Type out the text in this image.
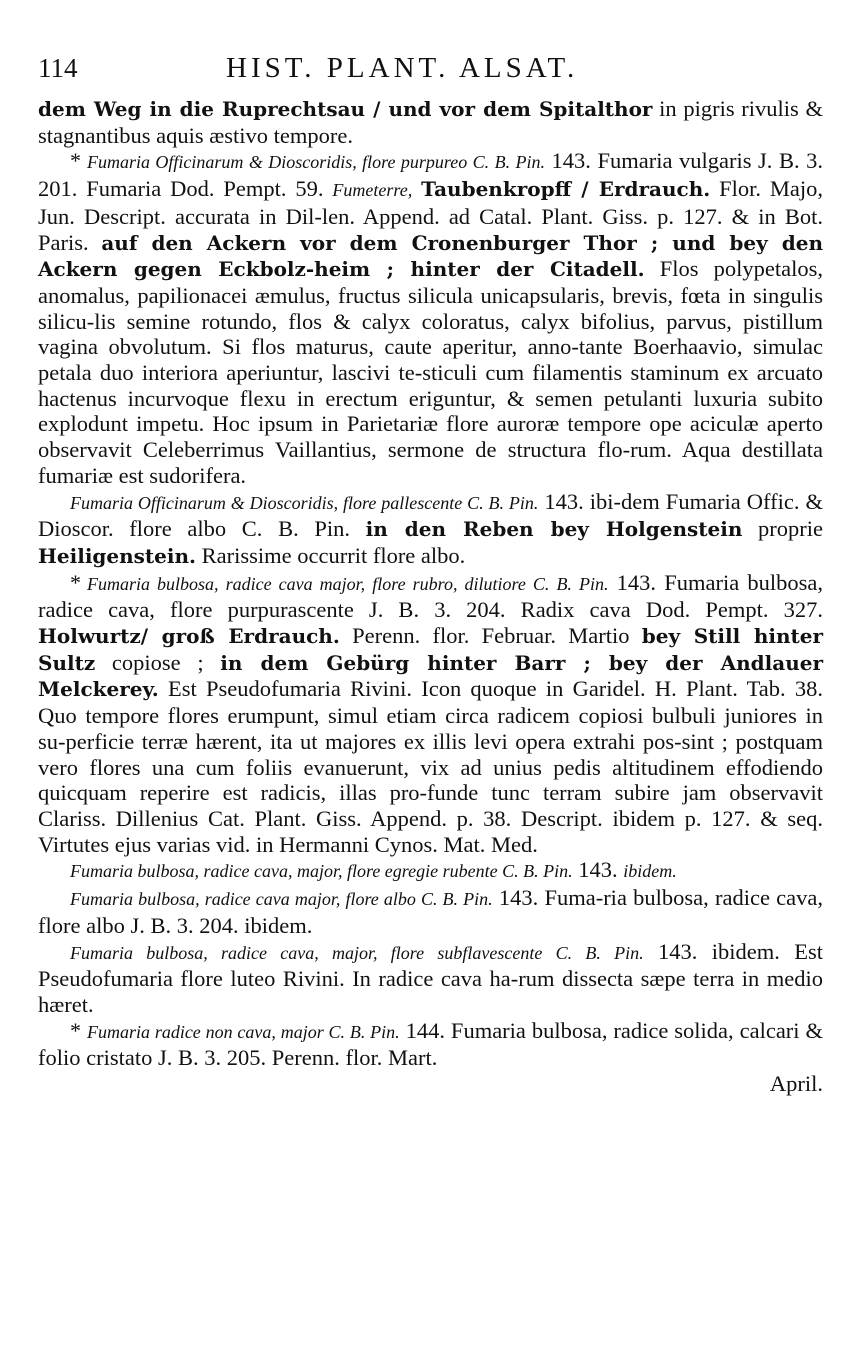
114	HIST. PLANT. ALSAT.

dem Weg in die Ruprechtsau / und vor dem Spitalthor in pigris rivulis & stagnantibus aquis æstivo tempore.

* Fumaria Officinarum & Dioscoridis, flore purpureo C. B. Pin. 143. Fumaria vulgaris J. B. 3. 201. Fumaria Dod. Pempt. 59. Fumeterre, Taubenkropff / Erdrauch. Flor. Majo, Jun. Descript. accurata in Dil-len. Append. ad Catal. Plant. Giss. p. 127. & in Bot. Paris. auf den Ackern vor dem Cronenburger Thor ; und bey den Ackern gegen Eckbolz-heim ; hinter der Citadell. Flos polypetalos, anomalus, papilionacei æmulus, fructus silicula unicapsularis, brevis, fœta in singulis silicu-lis semine rotundo, flos & calyx coloratus, calyx bifolius, parvus, pistillum vagina obvolutum. Si flos maturus, caute aperitur, anno-tante Boerhaavio, simulac petala duo interiora aperiuntur, lascivi te-sticuli cum filamentis staminum ex arcuato hactenus incurvoque flexu in erectum eriguntur, & semen petulanti luxuria subito explodunt impetu. Hoc ipsum in Parietariæ flore auroræ tempore ope aciculæ aperto observavit Celeberrimus Vaillantius, sermone de structura flo-rum. Aqua destillata fumariæ est sudorifera.

Fumaria Officinarum & Dioscoridis, flore pallescente C. B. Pin. 143. ibi-dem Fumaria Offic. & Dioscor. flore albo C. B. Pin. in den Reben bey Holgenstein proprie Heiligenstein. Rarissime occurrit flore albo.

* Fumaria bulbosa, radice cava major, flore rubro, dilutiore C. B. Pin. 143. Fumaria bulbosa, radice cava, flore purpurascente J. B. 3. 204. Radix cava Dod. Pempt. 327. Holwurtz/ groß Erdrauch. Perenn. flor. Februar. Martio bey Still hinter Sultz copiose ; in dem Gebürg hinter Barr ; bey der Andlauer Melckerey. Est Pseudofumaria Rivini. Icon quoque in Garidel. H. Plant. Tab. 38. Quo tempore flores erumpunt, simul etiam circa radicem copiosi bulbuli juniores in su-perficie terræ hærent, ita ut majores ex illis levi opera extrahi pos-sint ; postquam vero flores una cum foliis evanuerunt, vix ad unius pedis altitudinem effodiendo quicquam reperire est radicis, illas pro-funde tunc terram subire jam observavit Clariss. Dillenius Cat. Plant. Giss. Append. p. 38. Descript. ibidem p. 127. & seq. Virtutes ejus varias vid. in Hermanni Cynos. Mat. Med.

Fumaria bulbosa, radice cava, major, flore egregie rubente C. B. Pin. 143. ibidem.

Fumaria bulbosa, radice cava major, flore albo C. B. Pin. 143. Fuma-ria bulbosa, radice cava, flore albo J. B. 3. 204. ibidem.

Fumaria bulbosa, radice cava, major, flore subflavescente C. B. Pin. 143. ibidem. Est Pseudofumaria flore luteo Rivini. In radice cava ha-rum dissecta sæpe terra in medio hæret.

* Fumaria radice non cava, major C. B. Pin. 144. Fumaria bulbosa, radice solida, calcari & folio cristato J. B. 3. 205. Perenn. flor. Mart.

April.
